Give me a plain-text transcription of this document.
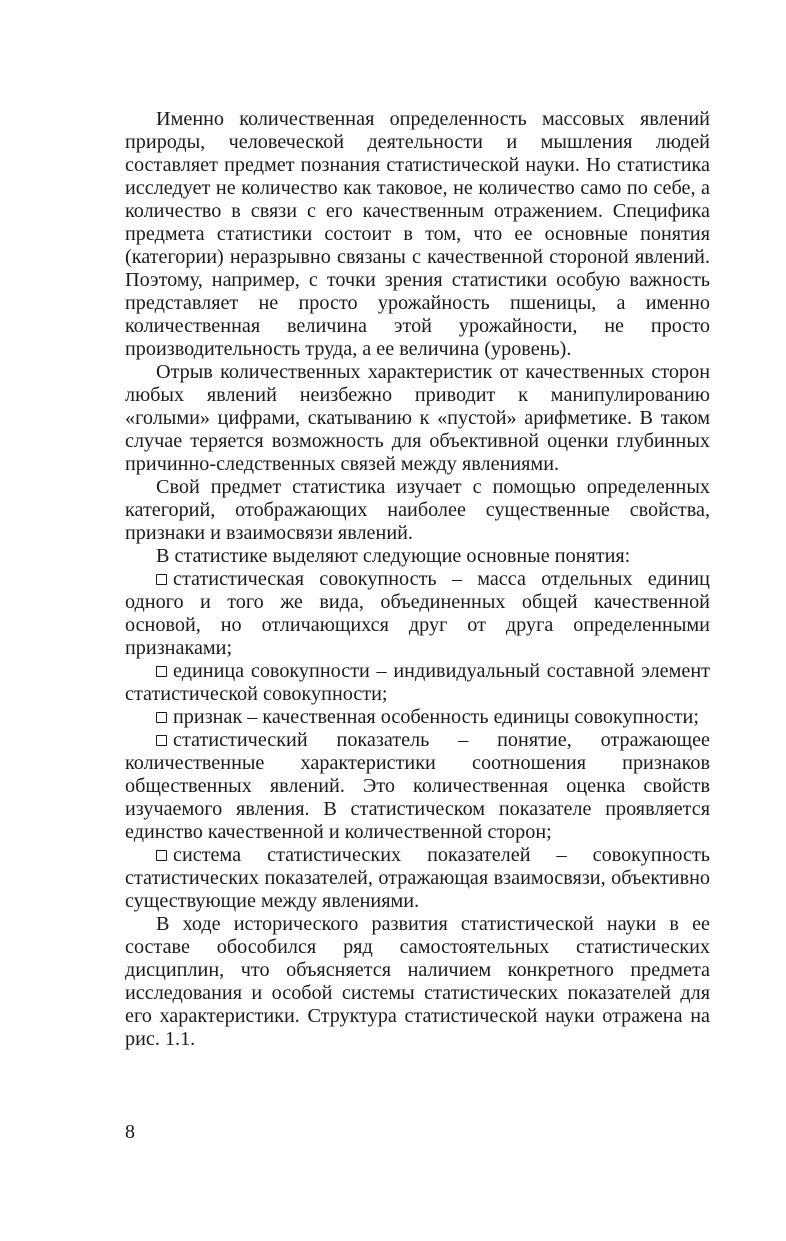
Именно количественная определенность массовых явлений природы, человеческой деятельности и мышления людей составляет предмет познания статистической науки. Но статистика исследует не количество как таковое, не количество само по себе, а количество в связи с его качественным отражением. Специфика предмета статистики состоит в том, что ее основные понятия (категории) неразрывно связаны с качественной стороной явлений. Поэтому, например, с точки зрения статистики особую важность представляет не просто урожайность пшеницы, а именно количественная величина этой урожайности, не просто производительность труда, а ее величина (уровень).

Отрыв количественных характеристик от качественных сторон любых явлений неизбежно приводит к манипулированию «голыми» цифрами, скатыванию к «пустой» арифметике. В таком случае теряется возможность для объективной оценки глубинных причинно-следственных связей между явлениями.

Свой предмет статистика изучает с помощью определенных категорий, отображающих наиболее существенные свойства, признаки и взаимосвязи явлений.

В статистике выделяют следующие основные понятия:

статистическая совокупность – масса отдельных единиц одного и того же вида, объединенных общей качественной основой, но отличающихся друг от друга определенными признаками;

единица совокупности – индивидуальный составной элемент статистической совокупности;

признак – качественная особенность единицы совокупности;

статистический показатель – понятие, отражающее количественные характеристики соотношения признаков общественных явлений. Это количественная оценка свойств изучаемого явления. В статистическом показателе проявляется единство качественной и количественной сторон;

система статистических показателей – совокупность статистических показателей, отражающая взаимосвязи, объективно существующие между явлениями.

В ходе исторического развития статистической науки в ее составе обособился ряд самостоятельных статистических дисциплин, что объясняется наличием конкретного предмета исследования и особой системы статистических показателей для его характеристики. Структура статистической науки отражена на рис. 1.1.

8
